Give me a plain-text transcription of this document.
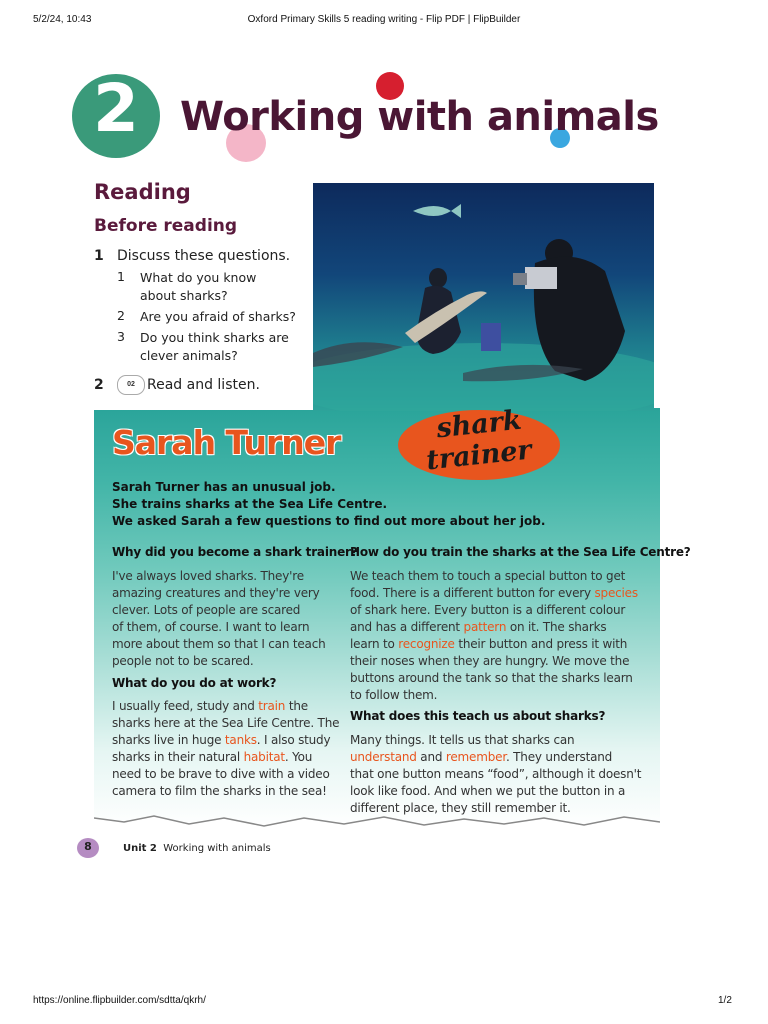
5/2/24, 10:43	Oxford Primary Skills 5 reading writing - Flip PDF | FlipBuilder
2	Working with animals
Reading
Before reading
1 Discuss these questions.
1 What do you know
about sharks?
2 Are you afraid of sharks?
3 Do you think sharks are
clever animals?
2	02 Read and listen.
Sarah Turner	shark
trainer
Sarah Turner has an unusual job.
She trains sharks at the Sea Life Centre.
We asked Sarah a few questions to find out more about her job.
Why did you become a shark trainer?
I've always loved sharks. They're
amazing creatures and they're very
clever. Lots of people are scared
of them, of course. I want to learn
more about them so that I can teach
people not to be scared.
What do you do at work?
I usually feed, study and train the
sharks here at the Sea Life Centre. The
sharks live in huge tanks. I also study
sharks in their natural habitat. You
need to be brave to dive with a video
camera to film the sharks in the sea!
How do you train the sharks at the Sea Life Centre?
We teach them to touch a special button to get
food. There is a different button for every species
of shark here. Every button is a different colour
and has a different pattern on it. The sharks
learn to recognize their button and press it with
their noses when they are hungry. We move the
buttons around the tank so that the sharks learn
to follow them.
What does this teach us about sharks?
Many things. It tells us that sharks can
understand and remember. They understand
that one button means “food”, although it doesn't
look like food. And when we put the button in a
different place, they still remember it.
8	Unit 2 Working with animals
https://online.flipbuilder.com/sdtta/qkrh/	1/2
